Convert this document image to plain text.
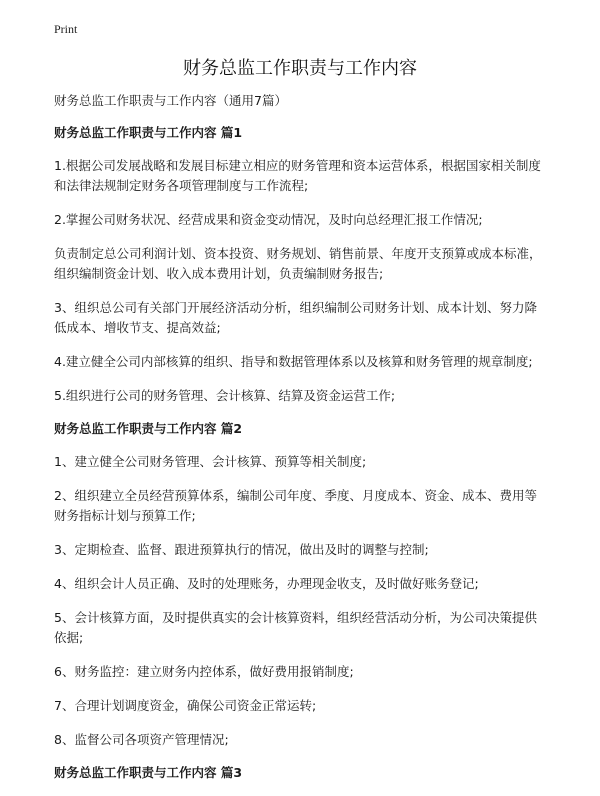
Print
财务总监工作职责与工作内容

财务总监工作职责与工作内容（通用7篇）

财务总监工作职责与工作内容 篇1

1.根据公司发展战略和发展目标建立相应的财务管理和资本运营体系，根据国家相关制度和法律法规制定财务各项管理制度与工作流程;

2.掌握公司财务状况、经营成果和资金变动情况，及时向总经理汇报工作情况;

负责制定总公司利润计划、资本投资、财务规划、销售前景、年度开支预算或成本标准，组织编制资金计划、收入成本费用计划，负责编制财务报告;

3、组织总公司有关部门开展经济活动分析，组织编制公司财务计划、成本计划、努力降低成本、增收节支、提高效益;

4.建立健全公司内部核算的组织、指导和数据管理体系以及核算和财务管理的规章制度;

5.组织进行公司的财务管理、会计核算、结算及资金运营工作;

财务总监工作职责与工作内容 篇2

1、建立健全公司财务管理、会计核算、预算等相关制度;

2、组织建立全员经营预算体系，编制公司年度、季度、月度成本、资金、成本、费用等财务指标计划与预算工作;

3、定期检查、监督、跟进预算执行的情况，做出及时的调整与控制;

4、组织会计人员正确、及时的处理账务，办理现金收支，及时做好账务登记;

5、会计核算方面，及时提供真实的会计核算资料，组织经营活动分析，为公司决策提供依据;

6、财务监控：建立财务内控体系，做好费用报销制度;

7、合理计划调度资金，确保公司资金正常运转;

8、监督公司各项资产管理情况;

财务总监工作职责与工作内容 篇3
